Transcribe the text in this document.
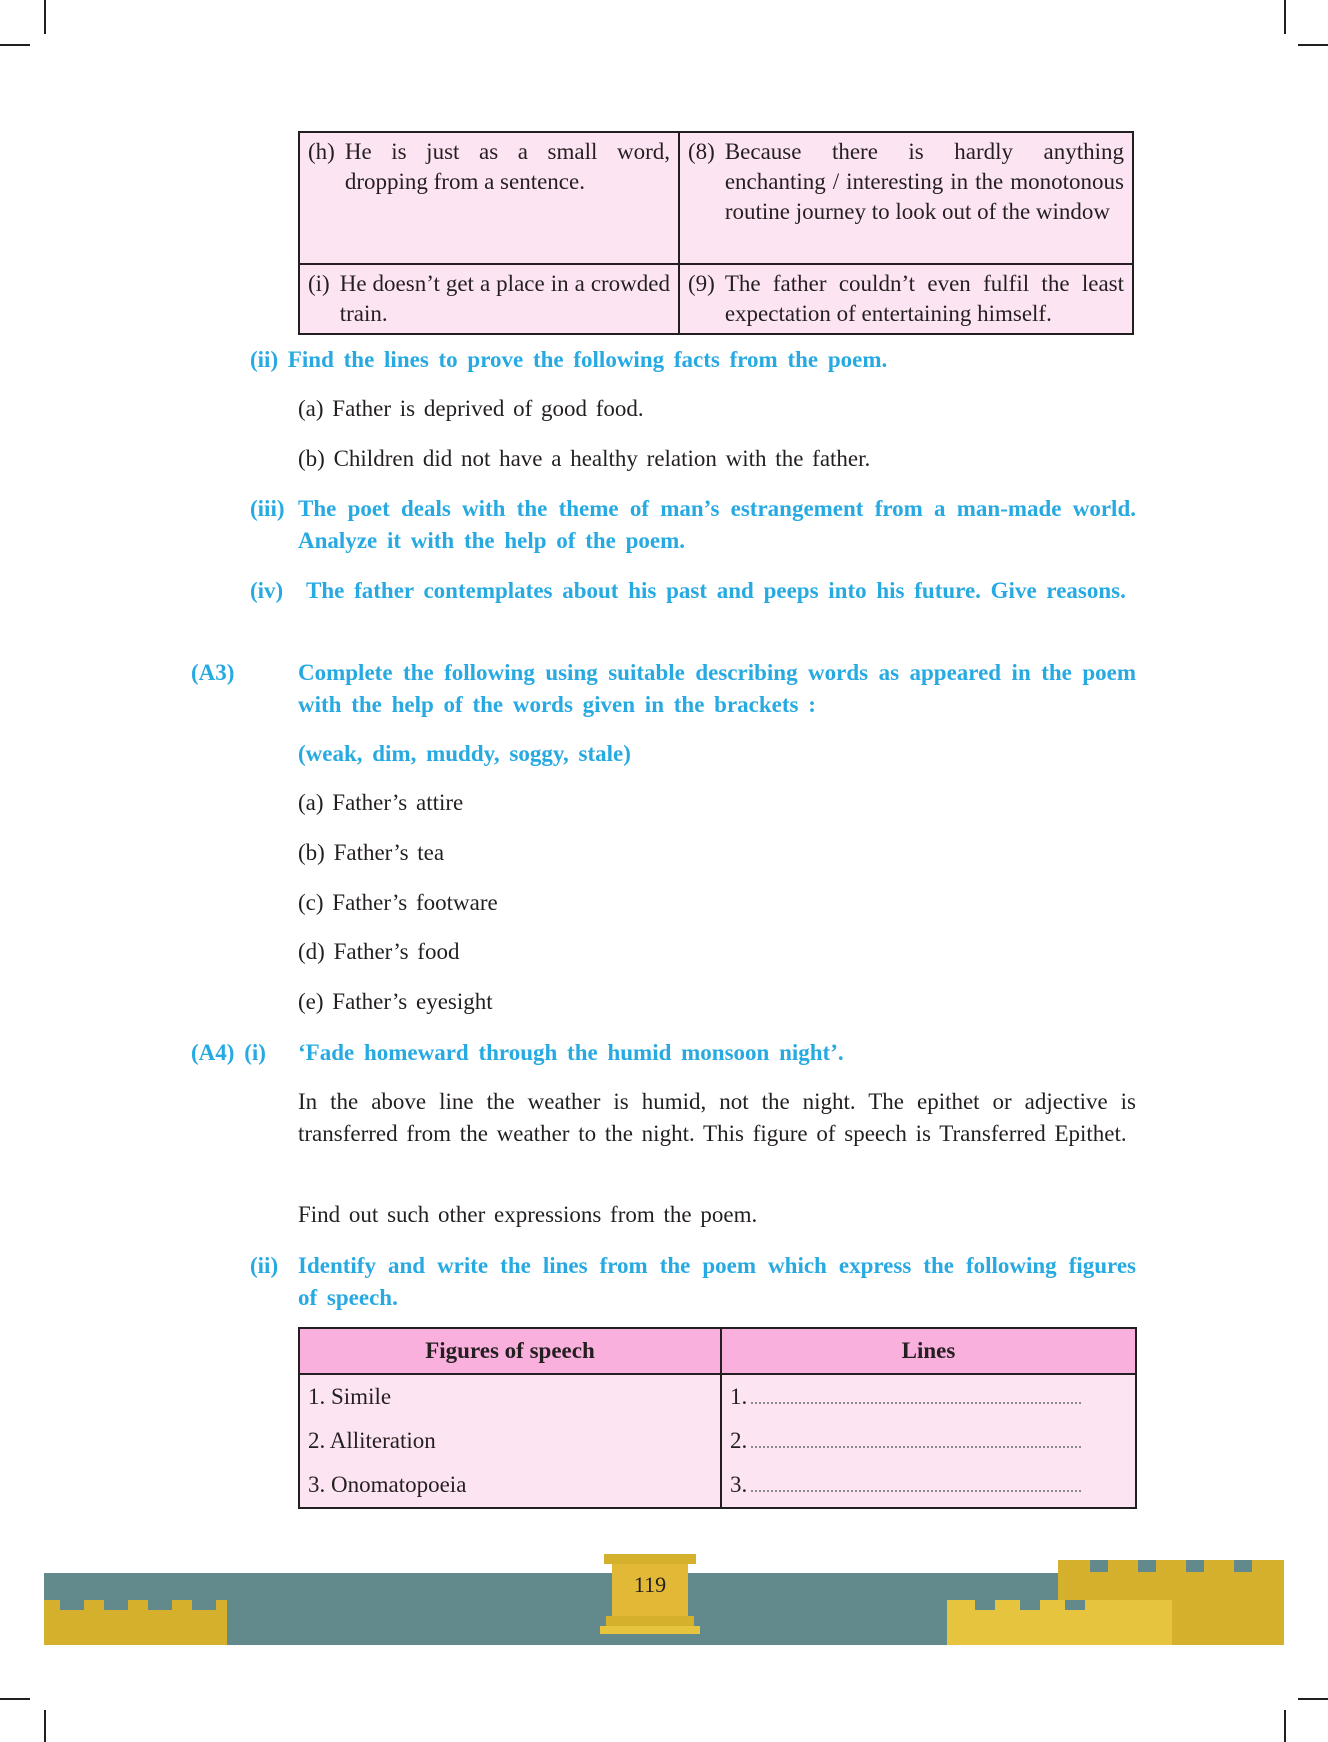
(h) He is just as a small word, dropping from a sentence.	(8) Because there is hardly anything enchanting / interesting in the monotonous routine journey to look out of the window

(i) He doesn’t get a place in a crowded train.	(9) The father couldn’t even fulfil the least expectation of entertaining himself.
(ii) Find the lines to prove the following facts from the poem.
(a) Father is deprived of good food.
(b) Children did not have a healthy relation with the father.
(iii) The poet deals with the theme of man’s estrangement from a man-made world. Analyze it with the help of the poem.
(iv) The father contemplates about his past and peeps into his future. Give reasons.
(A3)	Complete the following using suitable describing words as appeared in the poem with the help of the words given in the brackets :
(weak, dim, muddy, soggy, stale)
(a) Father’s attire
(b) Father’s tea
(c) Father’s footware
(d) Father’s food
(e) Father’s eyesight
(A4) (i) ‘Fade homeward through the humid monsoon night’.
In the above line the weather is humid, not the night. The epithet or adjective is transferred from the weather to the night. This figure of speech is Transferred Epithet.
Find out such other expressions from the poem.
(ii) Identify and write the lines from the poem which express the following figures of speech.
Figures of speech	Lines
1. Simile	1.
2. Alliteration	2.
3. Onomatopoeia	3.
119
